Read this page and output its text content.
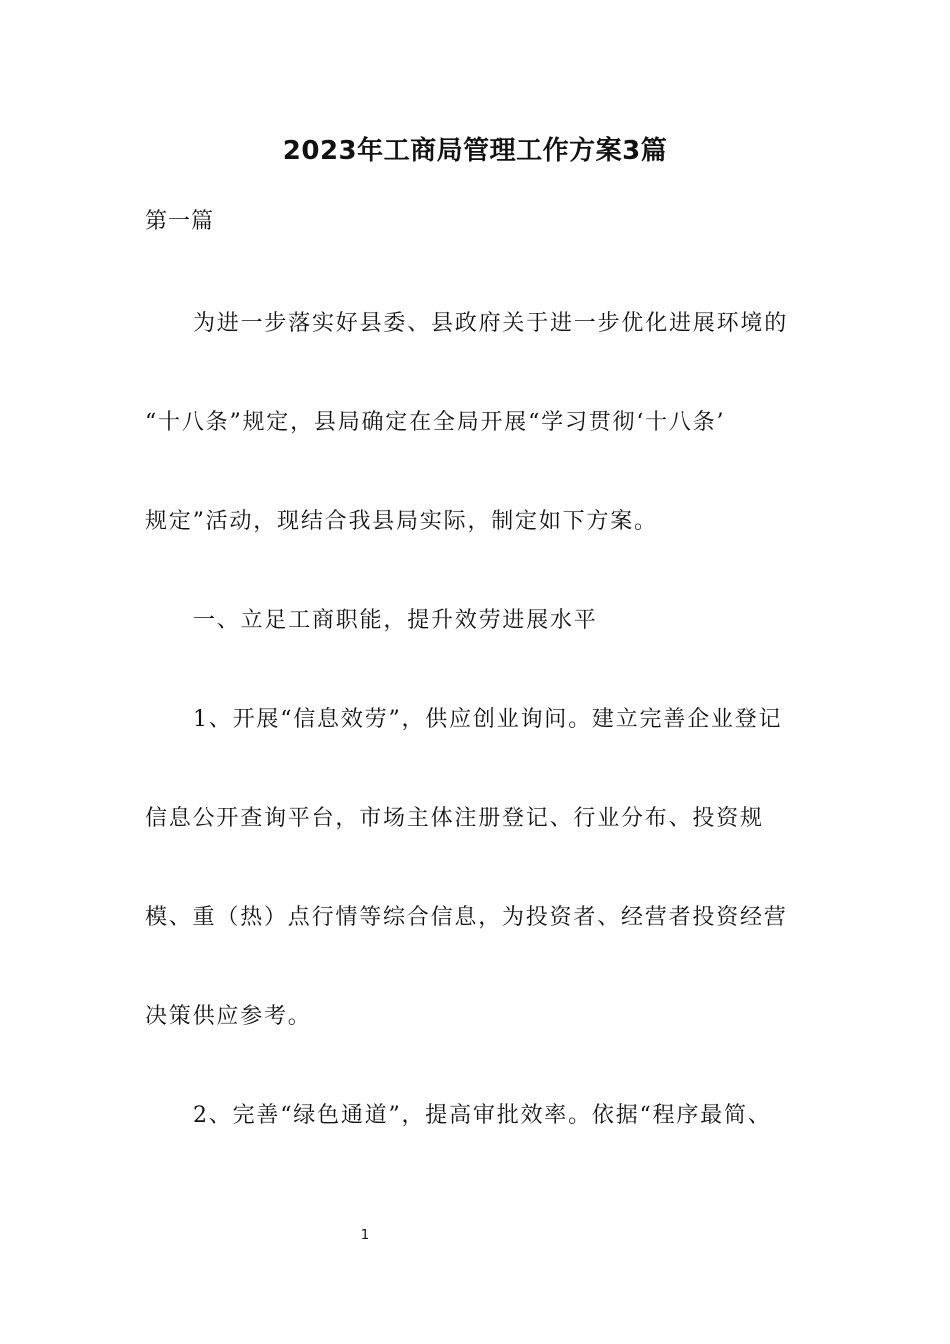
2023年工商局管理工作方案3篇
第一篇
为进一步落实好县委、县政府关于进一步优化进展环境的
“十八条”规定，县局确定在全局开展“学习贯彻‘十八条’
规定”活动，现结合我县局实际，制定如下方案。
一、立足工商职能，提升效劳进展水平
1、开展“信息效劳”，供应创业询问。建立完善企业登记
信息公开查询平台，市场主体注册登记、行业分布、投资规
模、重（热）点行情等综合信息，为投资者、经营者投资经营
决策供应参考。
2、完善“绿色通道”，提高审批效率。依据“程序最简、
1
